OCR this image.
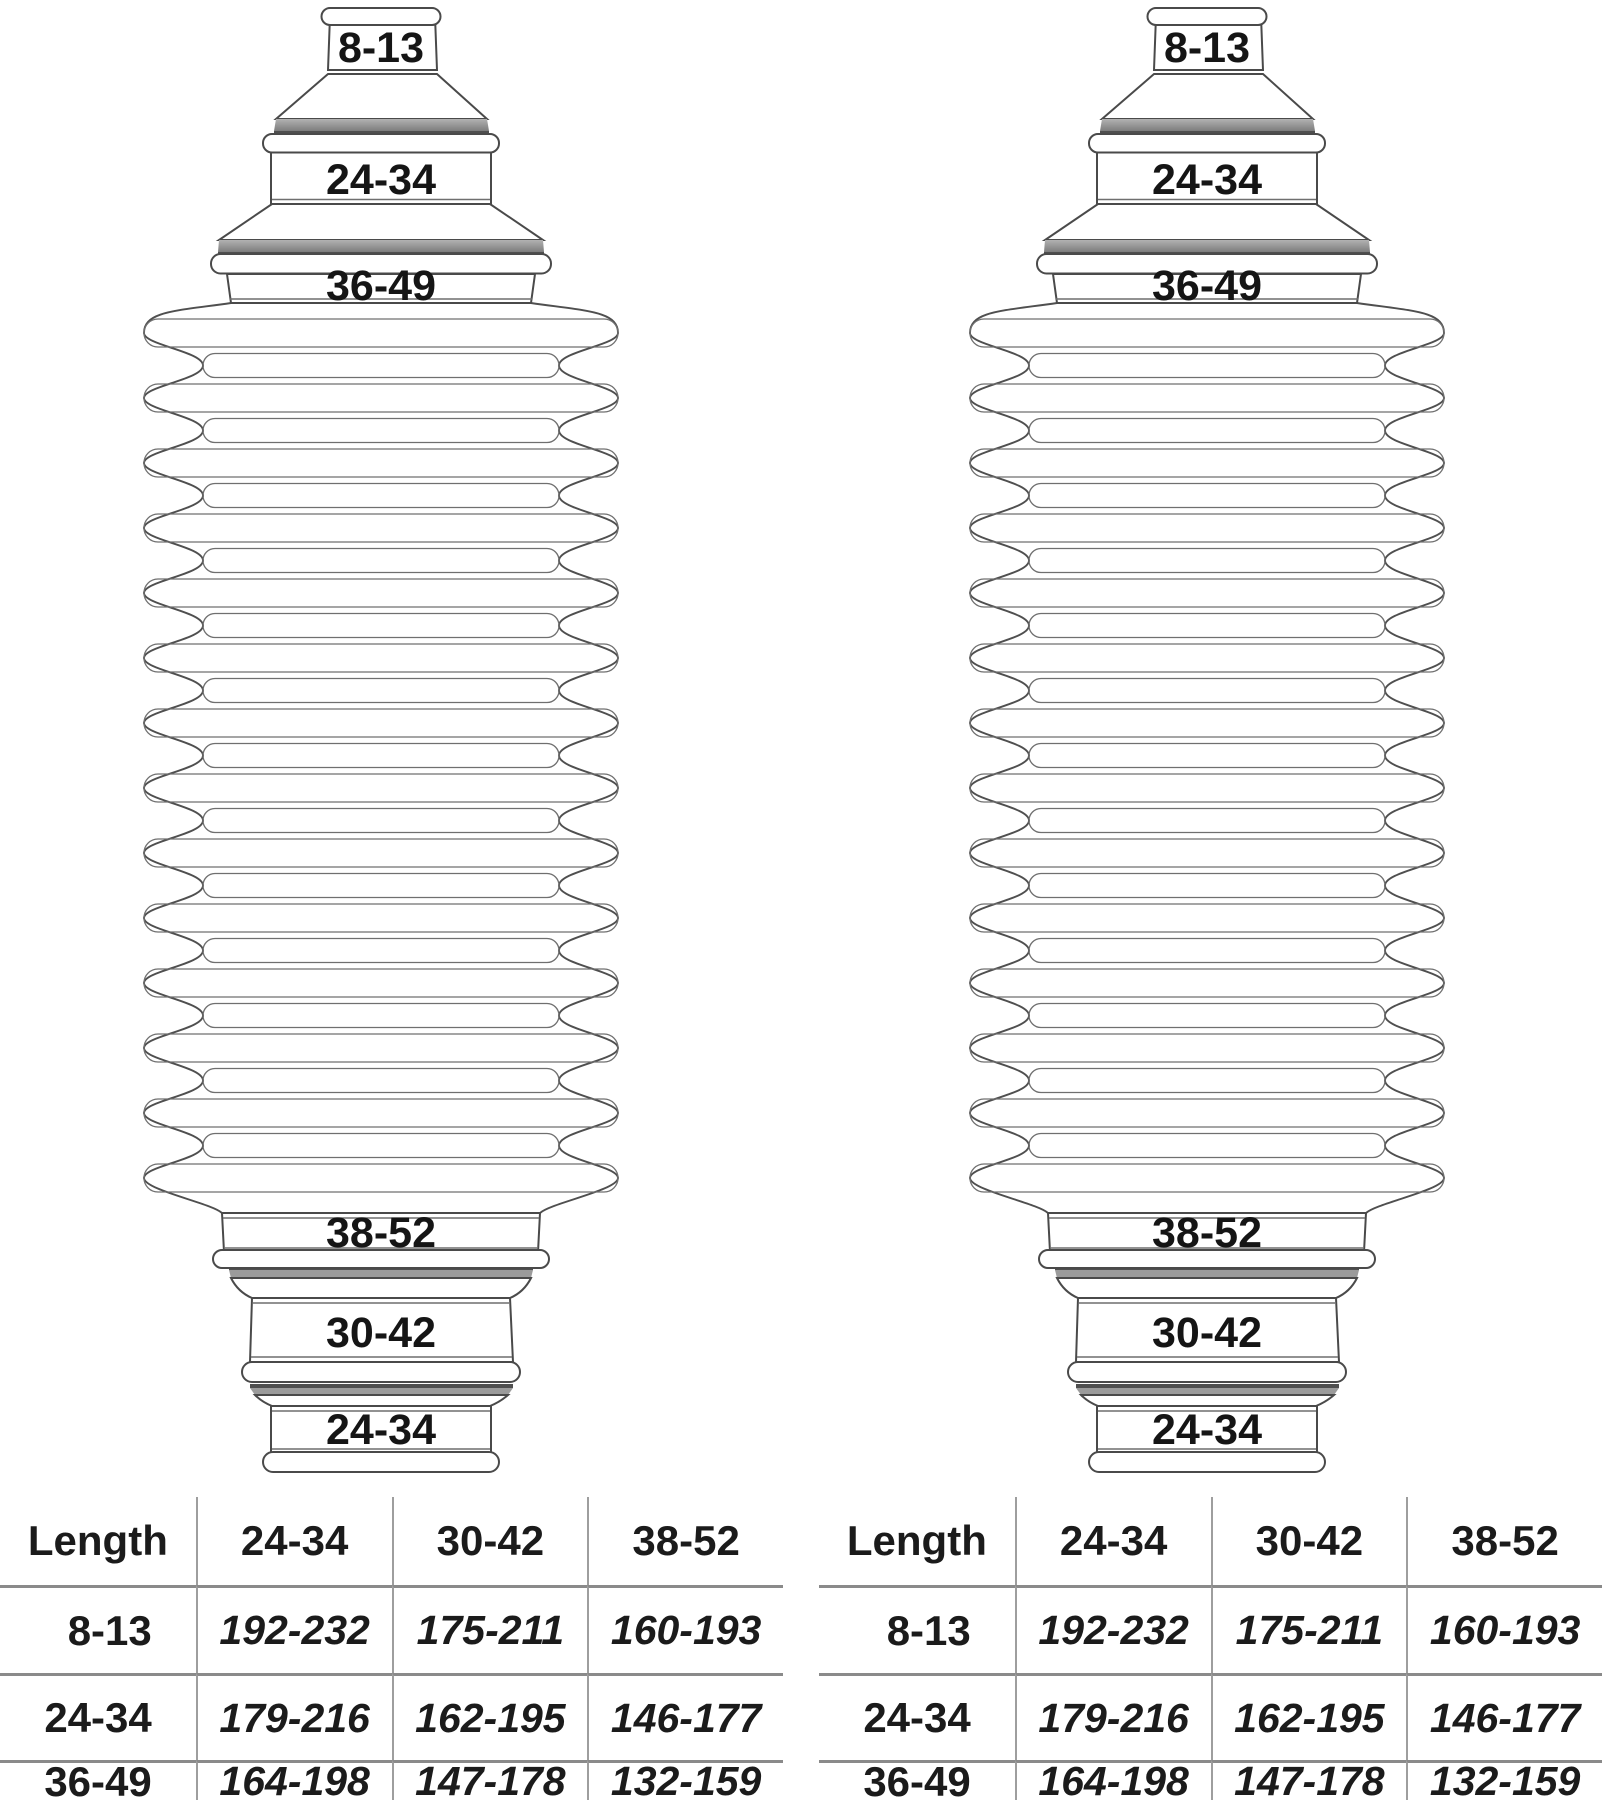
Length	24-34	30-42	38-52
8-13	192-232	175-211	160-193
24-34	179-216	162-195	146-177
36-49	164-198	147-178	132-159
Length	24-34	30-42	38-52
8-13	192-232	175-211	160-193
24-34	179-216	162-195	146-177
36-49	164-198	147-178	132-159
